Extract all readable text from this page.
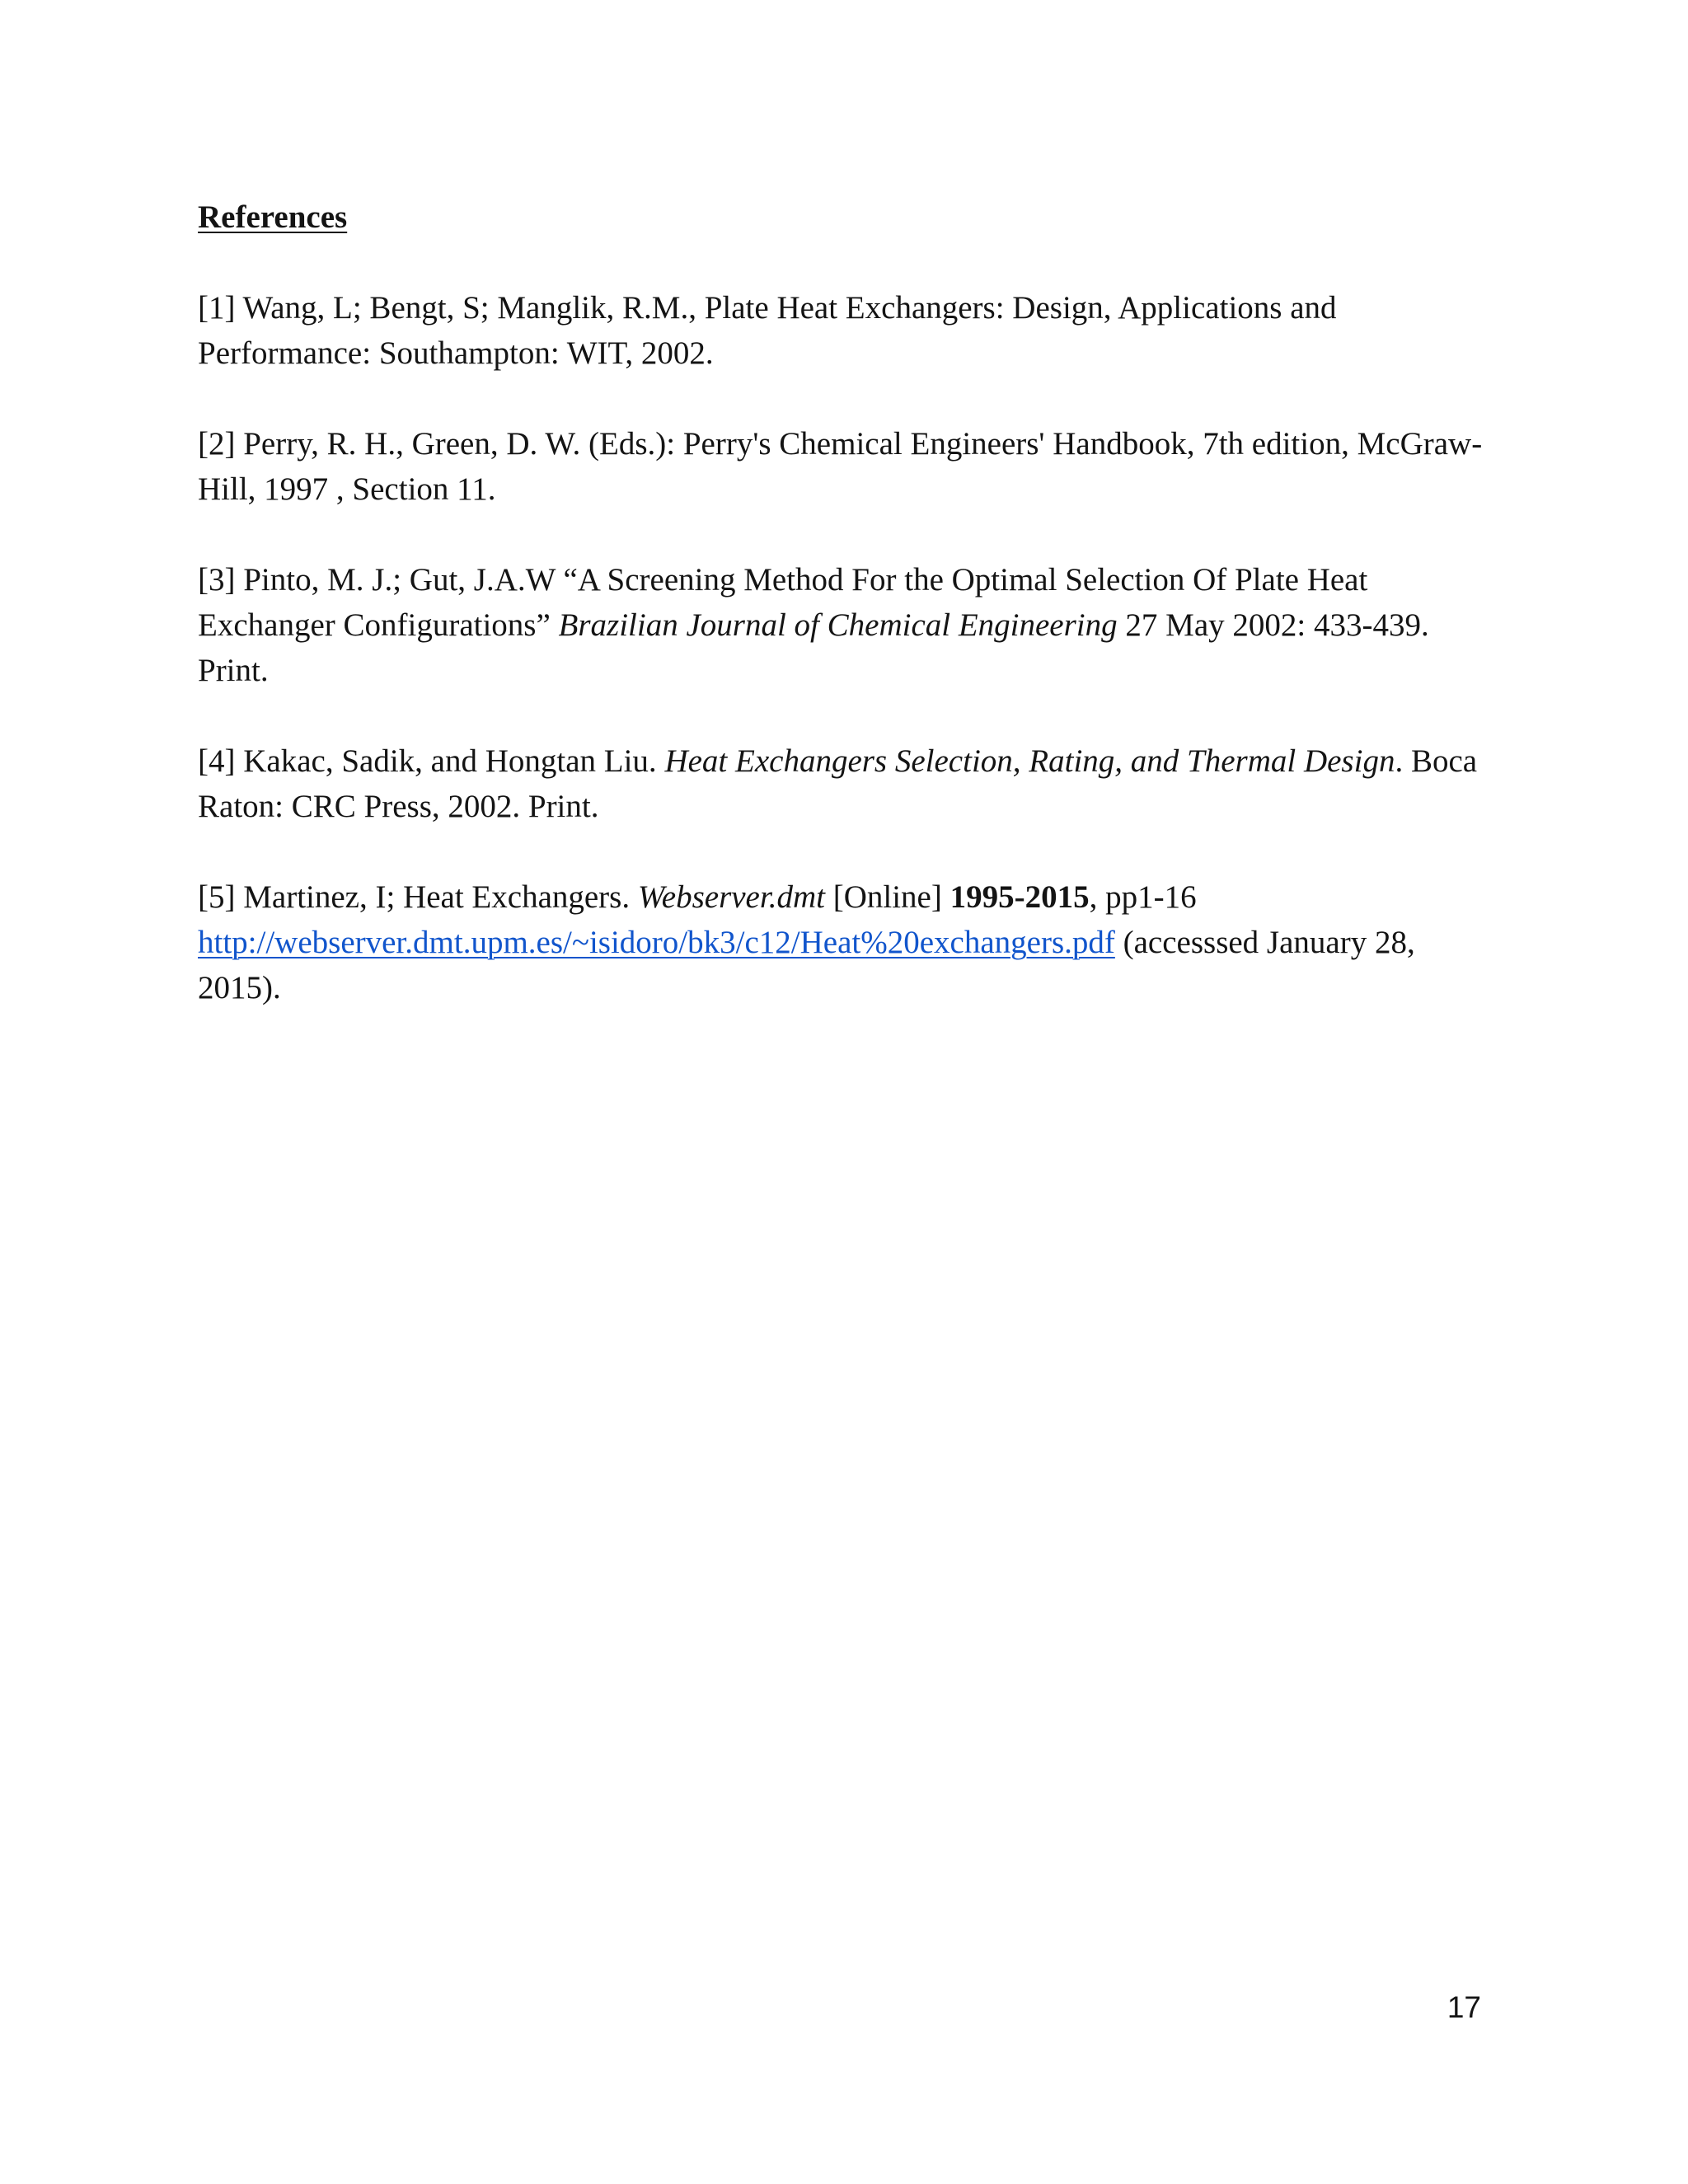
References
[1] Wang, L; Bengt, S; Manglik, R.M., Plate Heat Exchangers: Design, Applications and Performance: Southampton: WIT, 2002.
[2] Perry, R. H., Green, D. W. (Eds.): Perry's Chemical Engineers' Handbook, 7th edition, McGraw-Hill, 1997 , Section 11.
[3] Pinto, M. J.; Gut, J.A.W “A Screening Method For the Optimal Selection Of Plate Heat Exchanger Configurations” Brazilian Journal of Chemical Engineering 27 May 2002: 433-439. Print.
[4] Kakac, Sadik, and Hongtan Liu. Heat Exchangers Selection, Rating, and Thermal Design. Boca Raton: CRC Press, 2002. Print.
[5] Martinez, I; Heat Exchangers. Webserver.dmt [Online] 1995-2015, pp1-16 http://webserver.dmt.upm.es/~isidoro/bk3/c12/Heat%20exchangers.pdf (accesssed January 28, 2015).
17
